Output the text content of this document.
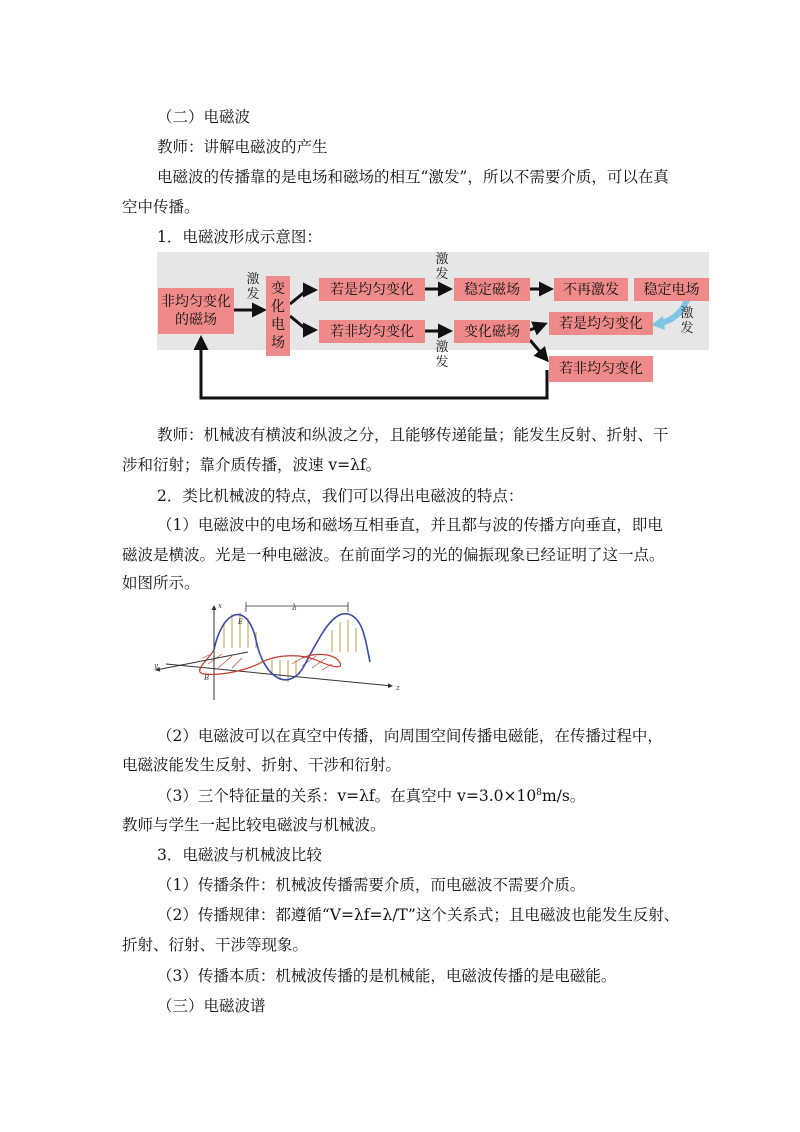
（二）电磁波
教师：讲解电磁波的产生
电磁波的传播靠的是电场和磁场的相互“激发”，所以不需要介质，可以在真
空中传播。
1．电磁波形成示意图：
非均匀变化的磁场
变化电场
若是均匀变化	稳定磁场	不再激发	稳定电场
若非均匀变化	变化磁场	若是均匀变化
若非均匀变化
激发
激发
激发
激发
教师：机械波有横波和纵波之分，且能够传递能量；能发生反射、折射、干
涉和衍射；靠介质传播，波速 v=λf。
2．类比机械波的特点，我们可以得出电磁波的特点：
（1）电磁波中的电场和磁场互相垂直，并且都与波的传播方向垂直，即电
磁波是横波。光是一种电磁波。在前面学习的光的偏振现象已经证明了这一点。
如图所示。
λ
x
y
z
E
B
（2）电磁波可以在真空中传播，向周围空间传播电磁能，在传播过程中，
电磁波能发生反射、折射、干涉和衍射。
（3）三个特征量的关系：v=λf。在真空中 $v=3.0\times 10^8m/s$。
教师与学生一起比较电磁波与机械波。
3．电磁波与机械波比较
（1）传播条件：机械波传播需要介质，而电磁波不需要介质。
（2）传播规律：都遵循“V=λf=λ/T”这个关系式；且电磁波也能发生反射、
折射、衍射、干涉等现象。
（3）传播本质：机械波传播的是机械能，电磁波传播的是电磁能。
（三）电磁波谱
